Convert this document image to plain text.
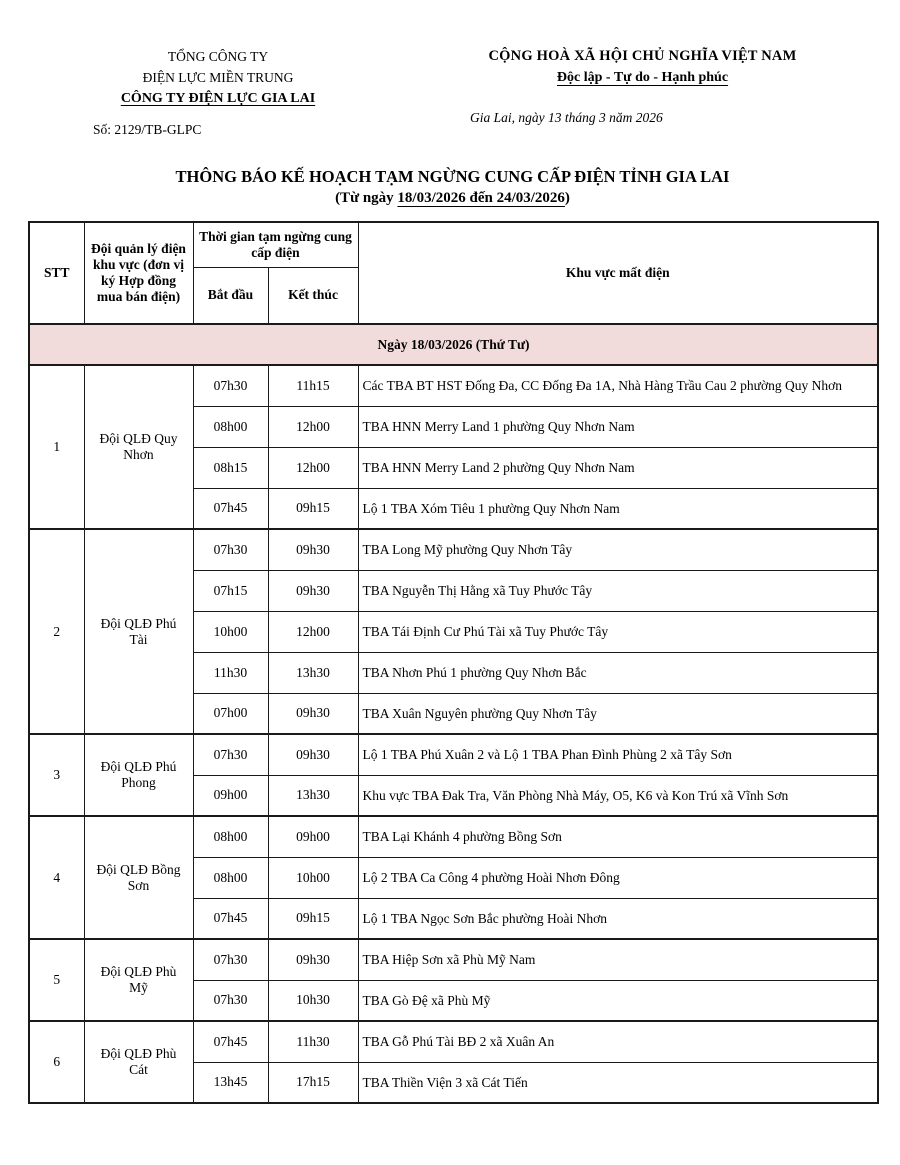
TỔNG CÔNG TY
ĐIỆN LỰC MIỀN TRUNG
CÔNG TY ĐIỆN LỰC GIA LAI
Số: 2129/TB-GLPC
CỘNG HOÀ XÃ HỘI CHỦ NGHĨA VIỆT NAM
Độc lập - Tự do - Hạnh phúc
Gia Lai, ngày 13 tháng 3 năm 2026
THÔNG BÁO KẾ HOẠCH TẠM NGỪNG CUNG CẤP ĐIỆN TỈNH GIA LAI
(Từ ngày 18/03/2026 đến 24/03/2026)
STT	Đội quản lý điện khu vực (đơn vị ký Hợp đồng mua bán điện)	Thời gian tạm ngừng cung cấp điện		Khu vực mất điện
		Bắt đầu	Kết thúc	
Ngày 18/03/2026 (Thứ Tư)				
1	Đội QLĐ Quy Nhơn	07h30	11h15	Các TBA BT HST Đống Đa, CC Đống Đa 1A, Nhà Hàng Trầu Cau 2 phường Quy Nhơn
		08h00	12h00	TBA HNN Merry Land 1 phường Quy Nhơn Nam
		08h15	12h00	TBA HNN Merry Land 2 phường Quy Nhơn Nam
		07h45	09h15	Lộ 1 TBA Xóm Tiêu 1 phường Quy Nhơn Nam
2	Đội QLĐ Phú Tài	07h30	09h30	TBA Long Mỹ phường Quy Nhơn Tây
		07h15	09h30	TBA Nguyễn Thị Hằng xã Tuy Phước Tây
		10h00	12h00	TBA Tái Định Cư Phú Tài xã Tuy Phước Tây
		11h30	13h30	TBA Nhơn Phú 1 phường Quy Nhơn Bắc
		07h00	09h30	TBA Xuân Nguyên phường Quy Nhơn Tây
3	Đội QLĐ Phú Phong	07h30	09h30	Lộ 1 TBA Phú Xuân 2 và Lộ 1 TBA Phan Đình Phùng 2 xã Tây Sơn
		09h00	13h30	Khu vực TBA Đak Tra, Văn Phòng Nhà Máy, O5, K6 và Kon Trú xã Vĩnh Sơn
4	Đội QLĐ Bồng Sơn	08h00	09h00	TBA Lại Khánh 4 phường Bồng Sơn
		08h00	10h00	Lộ 2 TBA Ca Công 4 phường Hoài Nhơn Đông
		07h45	09h15	Lộ 1 TBA Ngọc Sơn Bắc phường Hoài Nhơn
5	Đội QLĐ Phù Mỹ	07h30	09h30	TBA Hiệp Sơn xã Phù Mỹ Nam
		07h30	10h30	TBA Gò Đệ xã Phù Mỹ
6	Đội QLĐ Phù Cát	07h45	11h30	TBA Gỗ Phú Tài BĐ 2 xã Xuân An
		13h45	17h15	TBA Thiền Viện 3 xã Cát Tiến
